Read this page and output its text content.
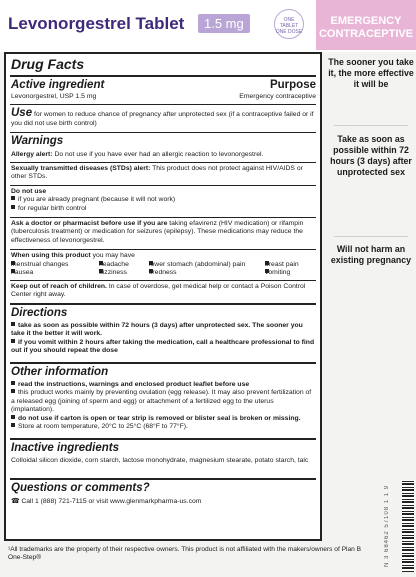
Levonorgestrel Tablet	1.5 mg	ONE TABLET ONE DOSE
EMERGENCY
CONTRACEPTIVE
The sooner you take it, the more effective it will be
Take as soon as possible within 72 hours (3 days) after unprotected sex
Will not harm an existing pregnancy
Drug Facts
Active ingredient	Purpose
Levonorgestrel, USP 1.5 mg	Emergency contraceptive
Use for women to reduce chance of pregnancy after unprotected sex (if a contraceptive failed or if you did not use birth control)
Warnings
Allergy alert: Do not use if you have ever had an allergic reaction to levonorgestrel.
Sexually transmitted diseases (STDs) alert: This product does not protect against HIV/AIDS or other STDs.
Do not use
if you are already pregnant (because it will not work)
for regular birth control
Ask a doctor or pharmacist before use if you are taking efavirenz (HIV medication) or rifampin (tuberculosis treatment) or medication for seizures (epilepsy). These medications may reduce the effectiveness of levonorgestrel.
When using this product you may have
menstrual changes	headache	lower stomach (abdominal) pain	breast pain
nausea	dizziness	tiredness	vomiting
Keep out of reach of children. In case of overdose, get medical help or contact a Poison Control Center right away.
Directions
take as soon as possible within 72 hours (3 days) after unprotected sex. The sooner you take it the better it will work.
if you vomit within 2 hours after taking the medication, call a healthcare professional to find out if you should repeat the dose
Other information
read the instructions, warnings and enclosed product leaflet before use
this product works mainly by preventing ovulation (egg release). It may also prevent fertilization of a released egg (joining of sperm and egg) or attachment of a fertilized egg to the uterus (implantation).
do not use if carton is open or tear strip is removed or blister seal is broken or missing.
Store at room temperature, 20°C to 25°C (68°F to 77°F).
Inactive ingredients
Colloidal silicon dioxide, corn starch, lactose monohydrate, magnesium stearate, potato starch, talc
Questions or comments?
☎ Call 1 (888) 721-7115 or visit www.glenmarkpharma-us.com
¹All trademarks are the property of their respective owners. This product is not affiliated with the makers/owners of Plan B One-Step®	N 3 68462 57108 1 1 9
